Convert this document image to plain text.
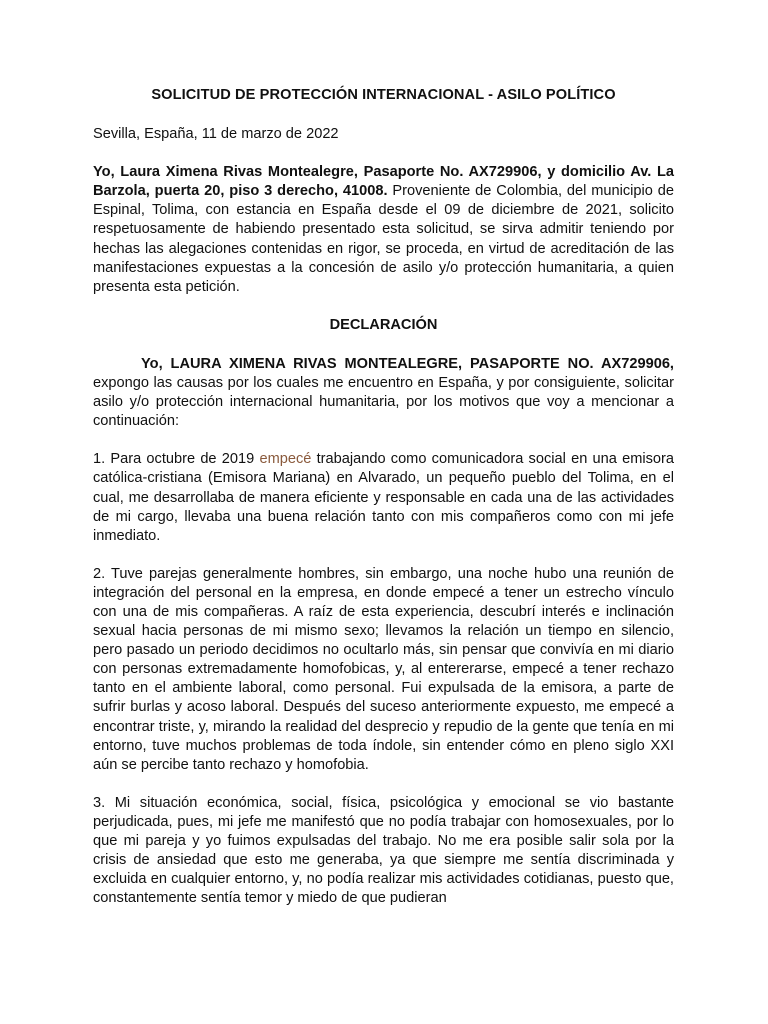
SOLICITUD DE PROTECCIÓN INTERNACIONAL - ASILO POLÍTICO

Sevilla, España, 11 de marzo de 2022

Yo, Laura Ximena Rivas Montealegre, Pasaporte No. AX729906, y domicilio Av. La Barzola, puerta 20, piso 3 derecho, 41008. Proveniente de Colombia, del municipio de Espinal, Tolima, con estancia en España desde el 09 de diciembre de 2021, solicito respetuosamente de habiendo presentado esta solicitud, se sirva admitir teniendo por hechas las alegaciones contenidas en rigor, se proceda, en virtud de acreditación de las manifestaciones expuestas a la concesión de asilo y/o protección humanitaria, a quien presenta esta petición.

DECLARACIÓN

Yo, LAURA XIMENA RIVAS MONTEALEGRE, PASAPORTE NO. AX729906, expongo las causas por los cuales me encuentro en España, y por consiguiente, solicitar asilo y/o protección internacional humanitaria, por los motivos que voy a mencionar a continuación:

1. Para octubre de 2019 empecé trabajando como comunicadora social en una emisora católica-cristiana (Emisora Mariana) en Alvarado, un pequeño pueblo del Tolima, en el cual, me desarrollaba de manera eficiente y responsable en cada una de las actividades de mi cargo, llevaba una buena relación tanto con mis compañeros como con mi jefe inmediato.

2. Tuve parejas generalmente hombres, sin embargo, una noche hubo una reunión de integración del personal en la empresa, en donde empecé a tener un estrecho vínculo con una de mis compañeras. A raíz de esta experiencia, descubrí interés e inclinación sexual hacia personas de mi mismo sexo; llevamos la relación un tiempo en silencio, pero pasado un periodo decidimos no ocultarlo más, sin pensar que convivía en mi diario con personas extremadamente homofobicas, y, al entererarse, empecé a tener rechazo tanto en el ambiente laboral, como personal. Fui expulsada de la emisora, a parte de sufrir burlas y acoso laboral. Después del suceso anteriormente expuesto, me empecé a encontrar triste, y, mirando la realidad del desprecio y repudio de la gente que tenía en mi entorno, tuve muchos problemas de toda índole, sin entender cómo en pleno siglo XXI aún se percibe tanto rechazo y homofobia.

3. Mi situación económica, social, física, psicológica y emocional se vio bastante perjudicada, pues, mi jefe me manifestó que no podía trabajar con homosexuales, por lo que mi pareja y yo fuimos expulsadas del trabajo. No me era posible salir sola por la crisis de ansiedad que esto me generaba, ya que siempre me sentía discriminada y excluida en cualquier entorno, y, no podía realizar mis actividades cotidianas, puesto que, constantemente sentía temor y miedo de que pudieran
